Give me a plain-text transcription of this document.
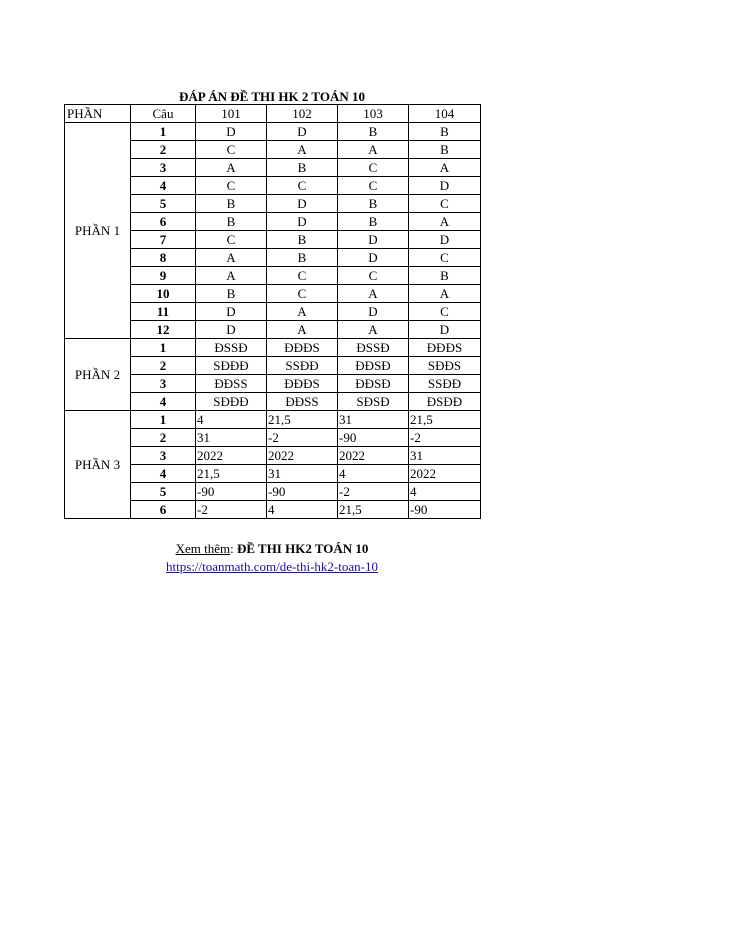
ĐÁP ÁN ĐỀ THI HK 2 TOÁN 10
PHẦN	Câu	101	102	103	104
PHẦN 1	1	D	D	B	B
	2	C	A	A	B
	3	A	B	C	A
	4	C	C	C	D
	5	B	D	B	C
	6	B	D	B	A
	7	C	B	D	D
	8	A	B	D	C
	9	A	C	C	B
	10	B	C	A	A
	11	D	A	D	C
	12	D	A	A	D
PHẦN 2	1	ĐSSĐ	ĐĐĐS	ĐSSĐ	ĐĐĐS
	2	SĐĐĐ	SSĐĐ	ĐĐSĐ	SĐĐS
	3	ĐĐSS	ĐĐĐS	ĐĐSĐ	SSĐĐ
	4	SĐĐĐ	ĐĐSS	SĐSĐ	ĐSĐĐ
PHẦN 3	1	4	21,5	31	21,5
	2	31	-2	-90	-2
	3	2022	2022	2022	31
	4	21,5	31	4	2022
	5	-90	-90	-2	4
	6	-2	4	21,5	-90
Xem thêm: ĐỀ THI HK2 TOÁN 10
https://toanmath.com/de-thi-hk2-toan-10
